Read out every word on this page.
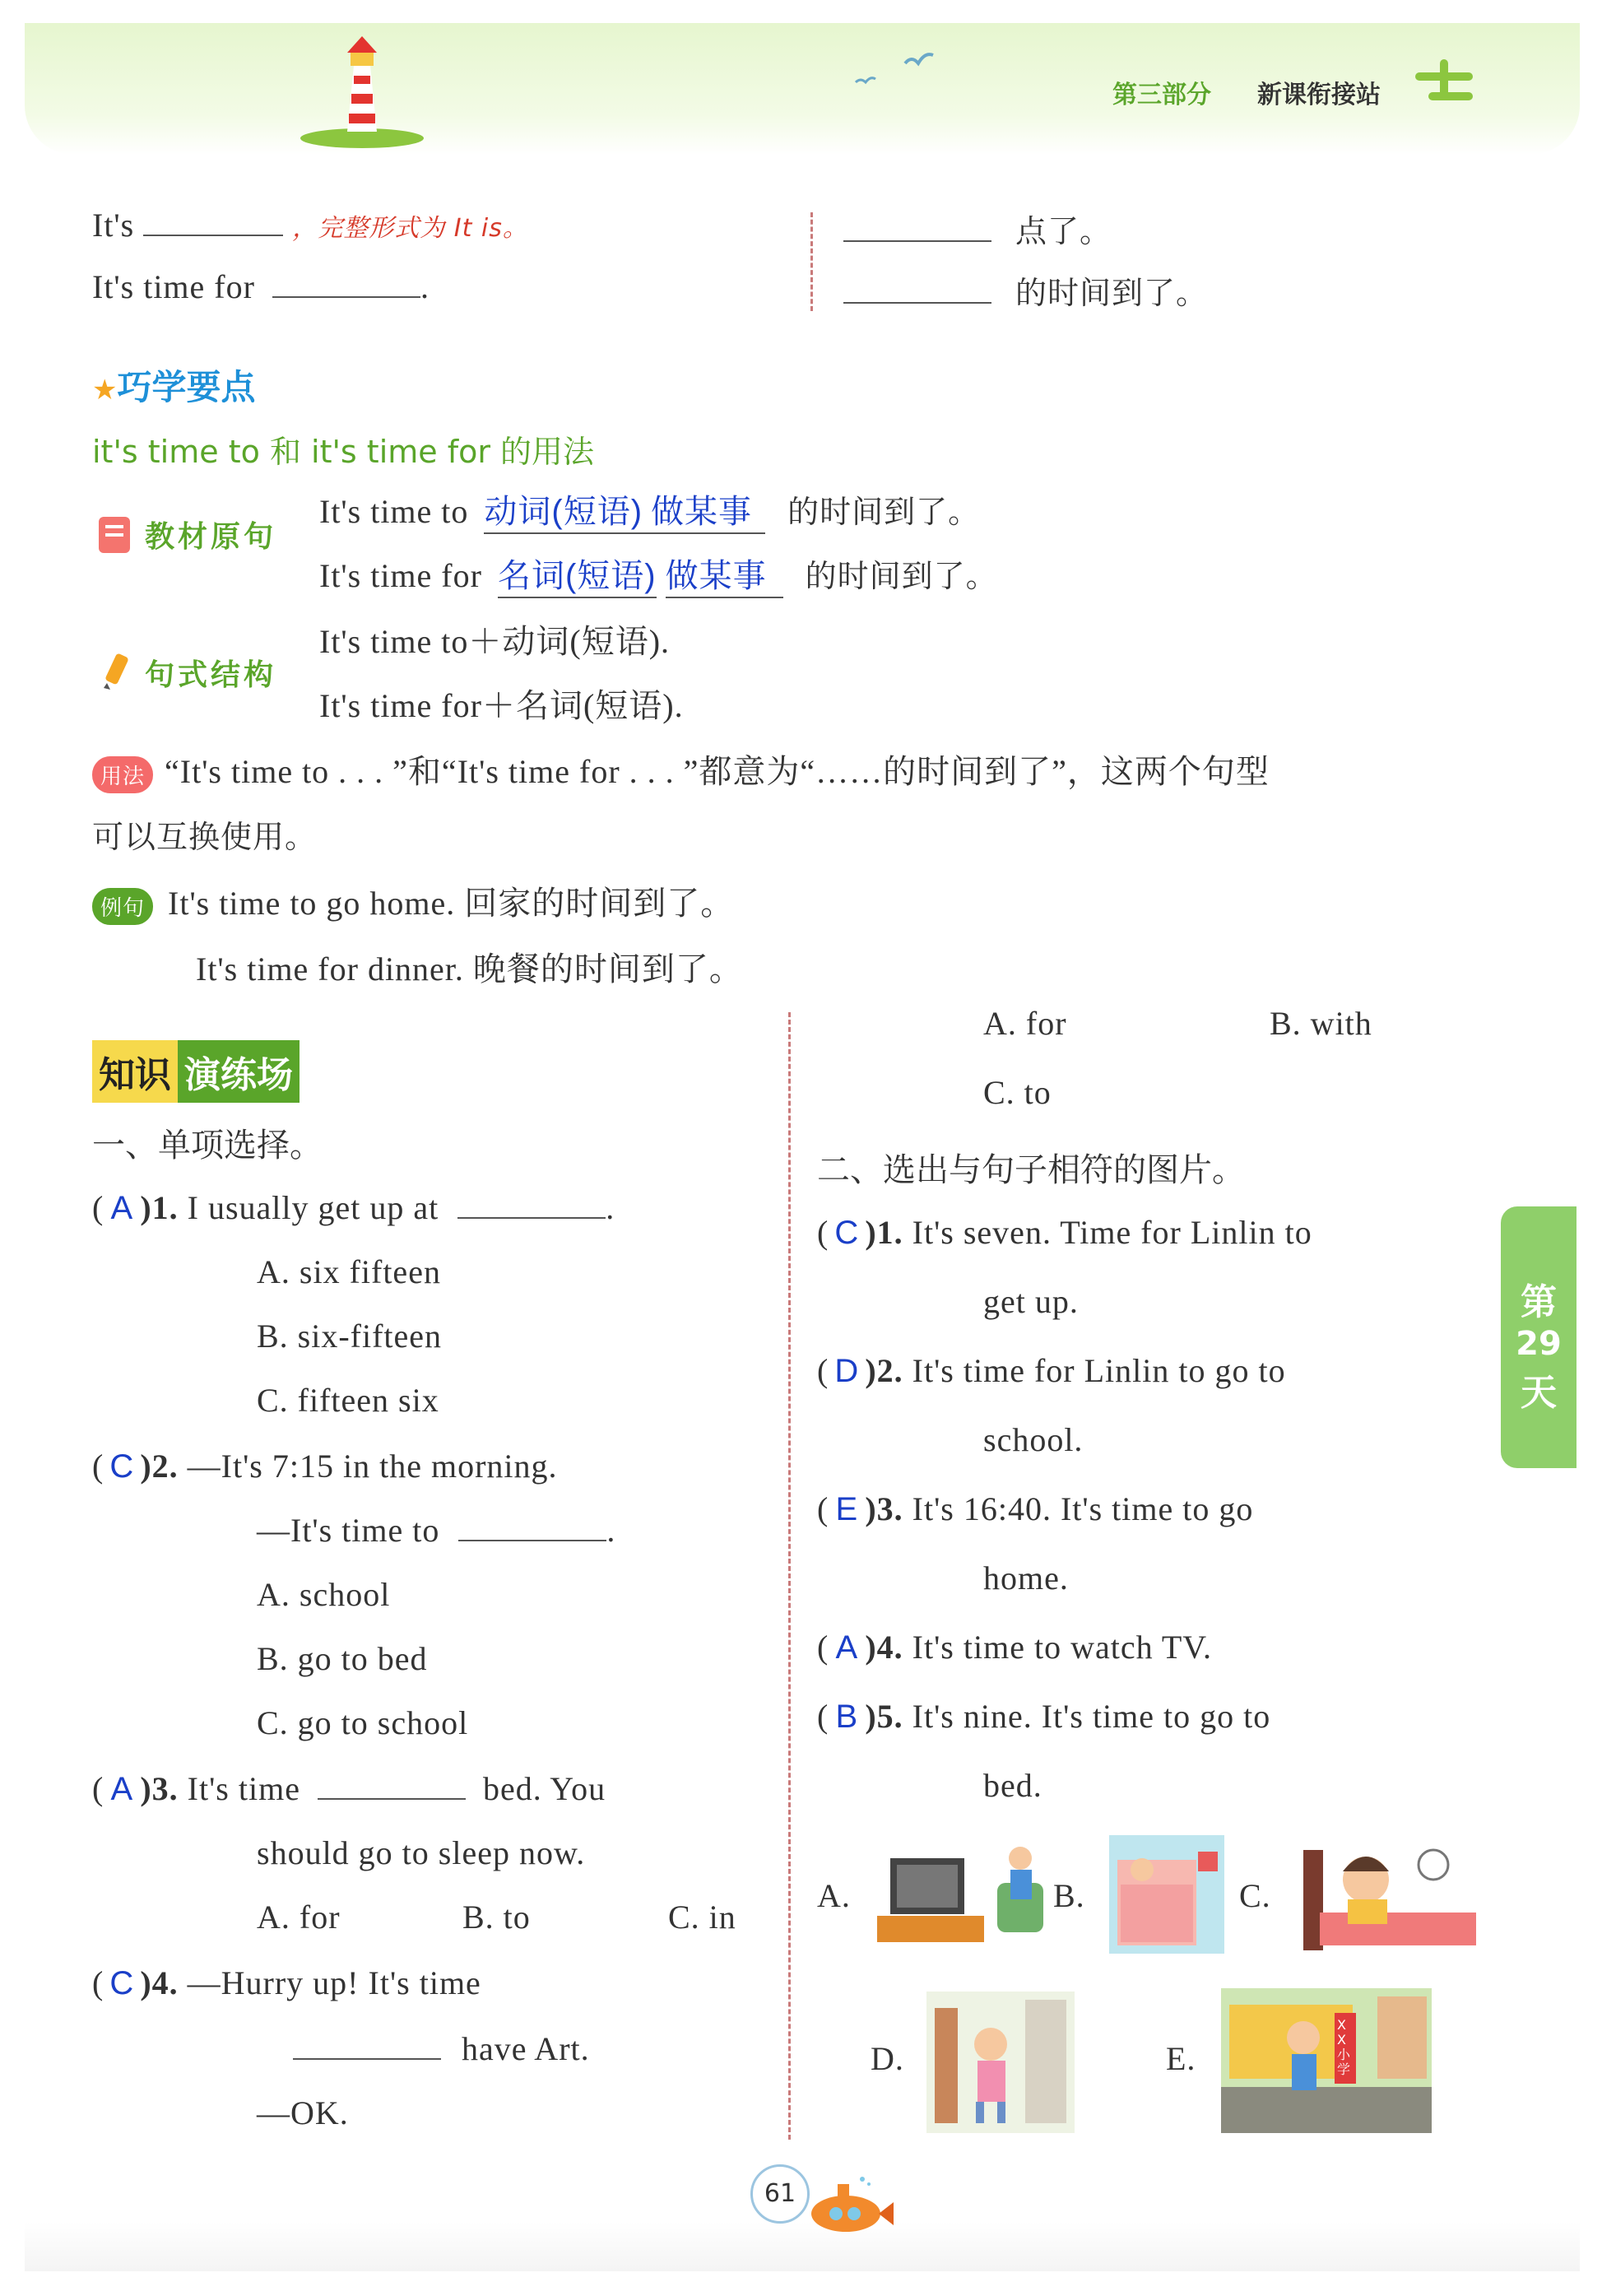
第三部分 新课衔接站
It's	，完整形式为 It is。
It's time for	.
点了。
的时间到了。
★巧学要点
it's time to 和 it's time for 的用法
教材原句
It's time to 动词(短语) 做某事 的时间到了。
It's time for 名词(短语) 做某事 的时间到了。
句式结构
It's time to＋动词(短语).
It's time for＋名词(短语).
用法 “It's time to . . . ”和“It's time for . . . ”都意为“……的时间到了”，这两个句型
可以互换使用。
例句 It's time to go home. 回家的时间到了。
It's time for dinner. 晚餐的时间到了。
知识 演练场
一、单项选择。
( A )1. I usually get up at	.
A. six fifteen
B. six-fifteen
C. fifteen six
( C )2. —It's 7:15 in the morning.
—It's time to	.
A. school
B. go to bed
C. go to school
( A )3. It's time	bed. You
should go to sleep now.
A. for	B. to	C. in
( C )4. —Hurry up! It's time
have Art.
—OK.
A. for	B. with
C. to
二、选出与句子相符的图片。
( C )1. It's seven. Time for Linlin to
get up.
( D )2. It's time for Linlin to go to
school.
( E )3. It's 16:40. It's time to go
home.
( A )4. It's time to watch TV.
( B )5. It's nine. It's time to go to
bed.
A.	B.	C.
D.	E.
XX小学
第
29
天
61
